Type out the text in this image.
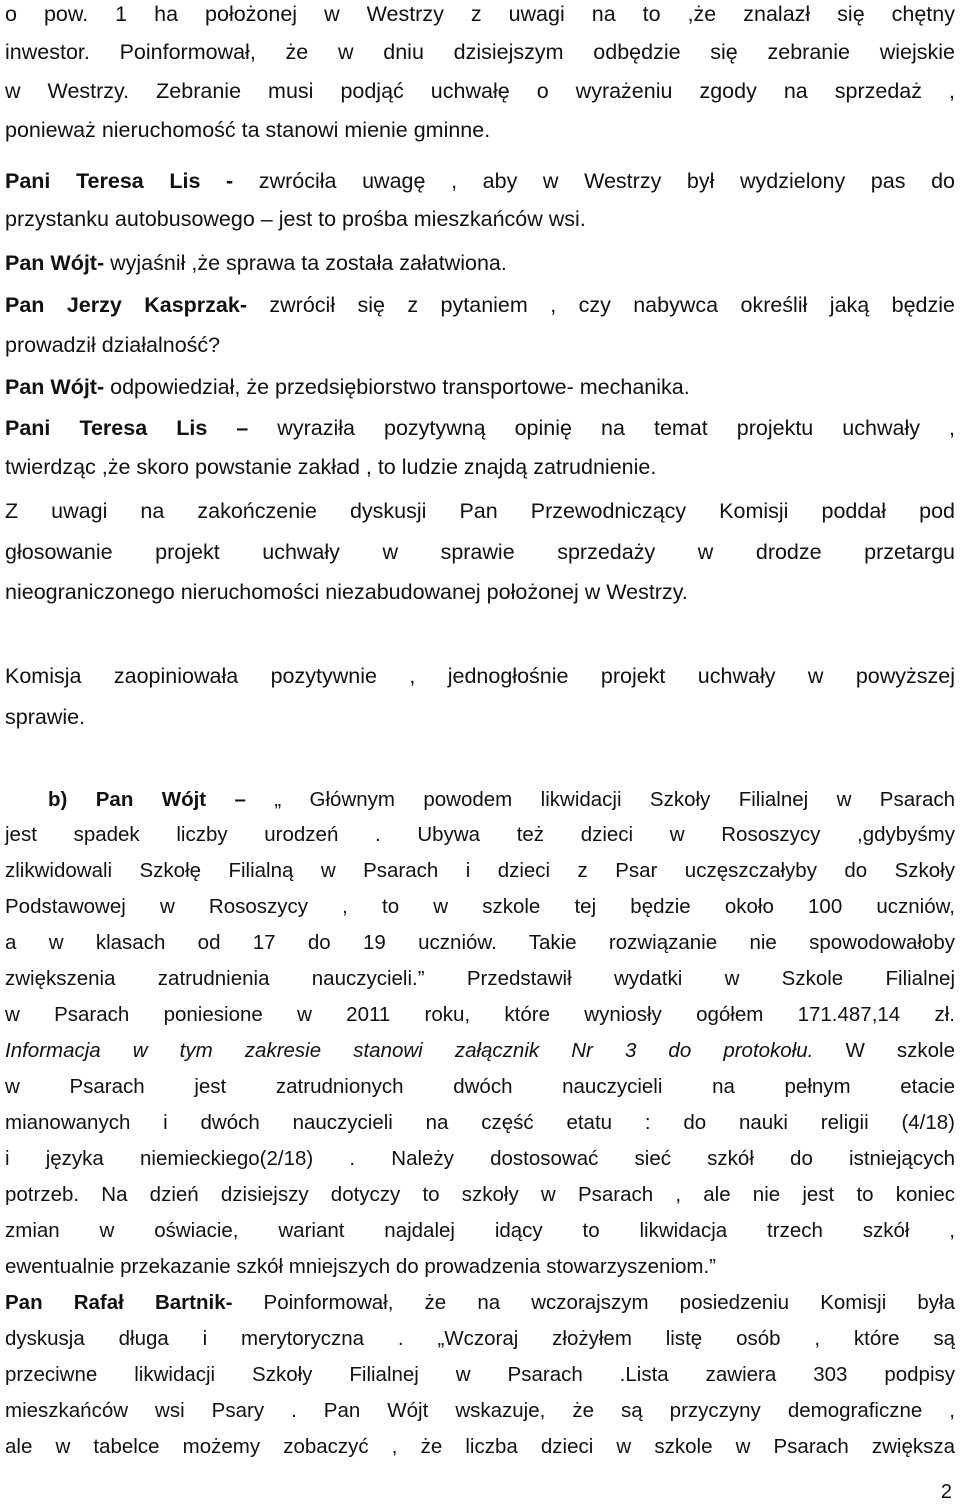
o pow. 1 ha położonej w Westrzy z uwagi na to ,że znalazł się chętny
inwestor. Poinformował, że w dniu dzisiejszym odbędzie się zebranie wiejskie
w Westrzy. Zebranie musi podjąć uchwałę o wyrażeniu zgody na sprzedaż ,
ponieważ nieruchomość ta stanowi mienie gminne.
Pani Teresa Lis - zwróciła uwagę , aby w Westrzy był wydzielony pas do
przystanku autobusowego – jest to prośba mieszkańców wsi.
Pan Wójt- wyjaśnił ,że sprawa ta została załatwiona.
Pan Jerzy Kasprzak- zwrócił się z pytaniem , czy nabywca określił jaką będzie
prowadził działalność?
Pan Wójt- odpowiedział, że przedsiębiorstwo transportowe- mechanika.
Pani Teresa Lis – wyraziła pozytywną opinię na temat projektu uchwały ,
twierdząc ,że skoro powstanie zakład , to ludzie znajdą zatrudnienie.
Z uwagi na zakończenie dyskusji Pan Przewodniczący Komisji poddał pod
głosowanie projekt uchwały w sprawie sprzedaży w drodze przetargu
nieograniczonego nieruchomości niezabudowanej położonej w Westrzy.
Komisja zaopiniowała pozytywnie , jednogłośnie projekt uchwały w powyższej
sprawie.
b) Pan Wójt – „ Głównym powodem likwidacji Szkoły Filialnej w Psarach
jest spadek liczby urodzeń . Ubywa też dzieci w Rososzycy ,gdybyśmy
zlikwidowali Szkołę Filialną w Psarach i dzieci z Psar uczęszczałyby do Szkoły
Podstawowej w Rososzycy , to w szkole tej będzie około 100 uczniów,
a w klasach od 17 do 19 uczniów. Takie rozwiązanie nie spowodowałoby
zwiększenia zatrudnienia nauczycieli.” Przedstawił wydatki w Szkole Filialnej
w Psarach poniesione w 2011 roku, które wyniosły ogółem 171.487,14 zł.
Informacja w tym zakresie stanowi załącznik Nr 3 do protokołu. W szkole
w Psarach jest zatrudnionych dwóch nauczycieli na pełnym etacie
mianowanych i dwóch nauczycieli na część etatu : do nauki religii (4/18)
i języka niemieckiego(2/18) . Należy dostosować sieć szkół do istniejących
potrzeb. Na dzień dzisiejszy dotyczy to szkoły w Psarach , ale nie jest to koniec
zmian w oświacie, wariant najdalej idący to likwidacja trzech szkół ,
ewentualnie przekazanie szkół mniejszych do prowadzenia stowarzyszeniom.”
Pan Rafał Bartnik- Poinformował, że na wczorajszym posiedzeniu Komisji była
dyskusja długa i merytoryczna . „Wczoraj złożyłem listę osób , które są
przeciwne likwidacji Szkoły Filialnej w Psarach .Lista zawiera 303 podpisy
mieszkańców wsi Psary . Pan Wójt wskazuje, że są przyczyny demograficzne ,
ale w tabelce możemy zobaczyć , że liczba dzieci w szkole w Psarach zwiększa
2
